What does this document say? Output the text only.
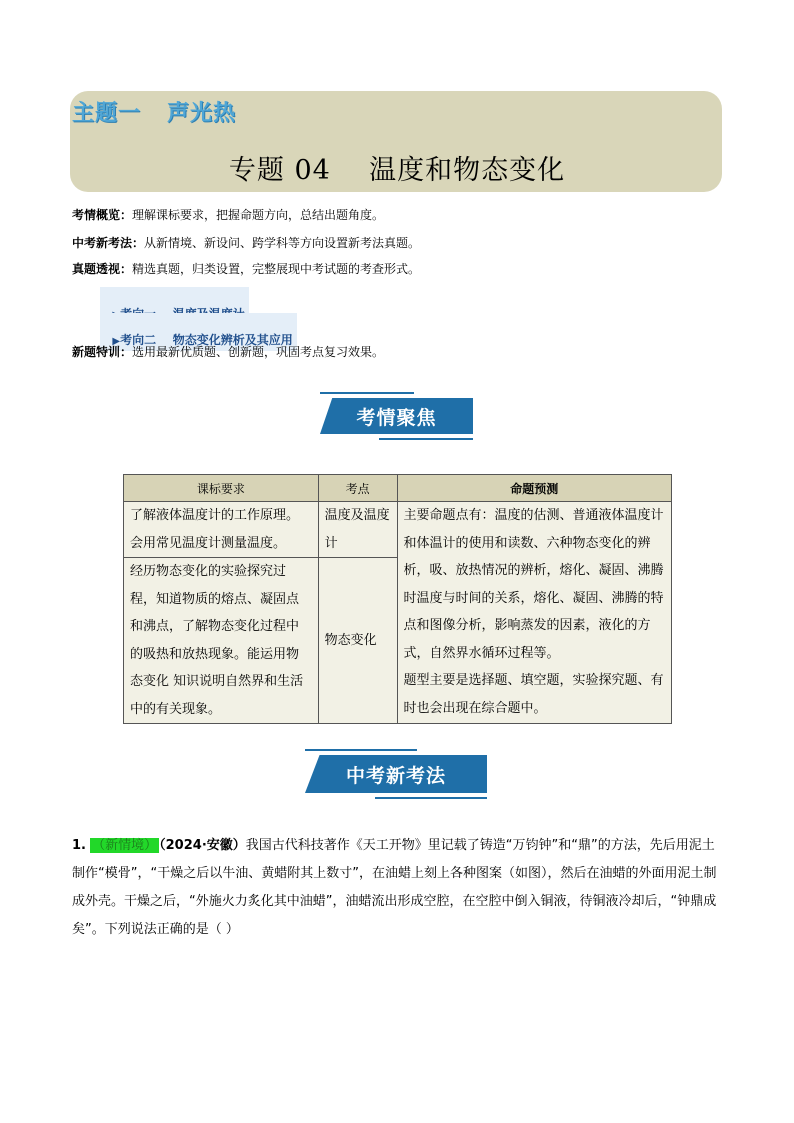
主题一   声光热
专题 04    温度和物态变化
考情概览：理解课标要求，把握命题方向，总结出题角度。
中考新考法：从新情境、新设问、跨学科等方向设置新考法真题。
真题透视：精选真题，归类设置，完整展现中考试题的考查形式。

▶考向二    物态变化辨析及其应用

新题特训：选用最新优质题、创新题，巩固考点复习效果。
考情聚焦
课标要求	考点	命题预测
了解液体温度计的工作原理。会用常见温度计测量温度。	温度及温度计	主要命题点有：温度的估测、普通液体温度计和体温计的使用和读数、六种物态变化的辨析，吸、放热情况的辨析，熔化、凝固、沸腾时温度与时间的关系，熔化、凝固、沸腾的特点和图像分析，影响蒸发的因素，液化的方式，自然界水循环过程等。
题型主要是选择题、填空题，实验探究题、有时也会出现在综合题中。

经历物态变化的实验探究过程，知道物质的熔点、凝固点和沸点，了解物态变化过程中的吸热和放热现象。能运用物态变化 知识说明自然界和生活中的有关现象。	物态变化	
中考新考法
1. （新情境） （2024·安徽）我国古代科技著作《天工开物》里记载了铸造“万钧钟”和“鼎”的方法，先后用泥土制作“模骨”，“干燥之后以牛油、黄蜡附其上数寸”，在油蜡上刻上各种图案（如图），然后在油蜡的外面用泥土制成外壳。干燥之后，“外施火力炙化其中油蜡”，油蜡流出形成空腔，在空腔中倒入铜液，待铜液冷却后，“钟鼎成矣”。下列说法正确的是（ ）
